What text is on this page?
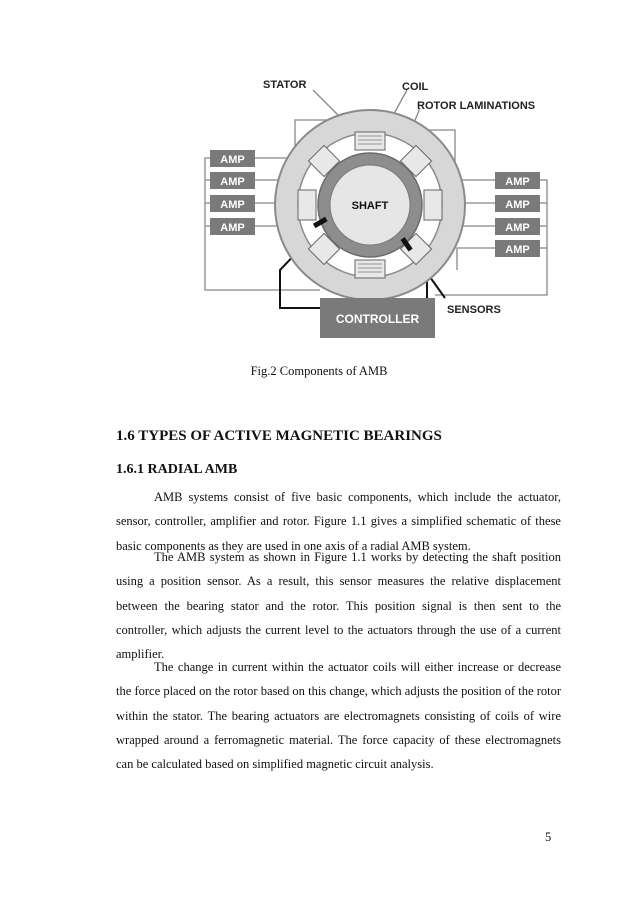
AMP
AMP
AMP
AMP
AMP
AMP
AMP
AMP
CONTROLLER
STATOR	COIL
ROTOR LAMINATIONS
SHAFT
SENSORS
Fig.2 Components of AMB
1.6 TYPES OF ACTIVE MAGNETIC BEARINGS
1.6.1 RADIAL AMB
AMB systems consist of five basic components, which include the actuator, sensor, controller, amplifier and rotor. Figure 1.1 gives a simplified schematic of these basic components as they are used in one axis of a radial AMB system.
The AMB system as shown in Figure 1.1 works by detecting the shaft position using a position sensor. As a result, this sensor measures the relative displacement between the bearing stator and the rotor. This position signal is then sent to the controller, which adjusts the current level to the actuators through the use of a current amplifier.
The change in current within the actuator coils will either increase or decrease the force placed on the rotor based on this change, which adjusts the position of the rotor within the stator. The bearing actuators are electromagnets consisting of coils of wire wrapped around a ferromagnetic material. The force capacity of these electromagnets can be calculated based on simplified magnetic circuit analysis.
5
